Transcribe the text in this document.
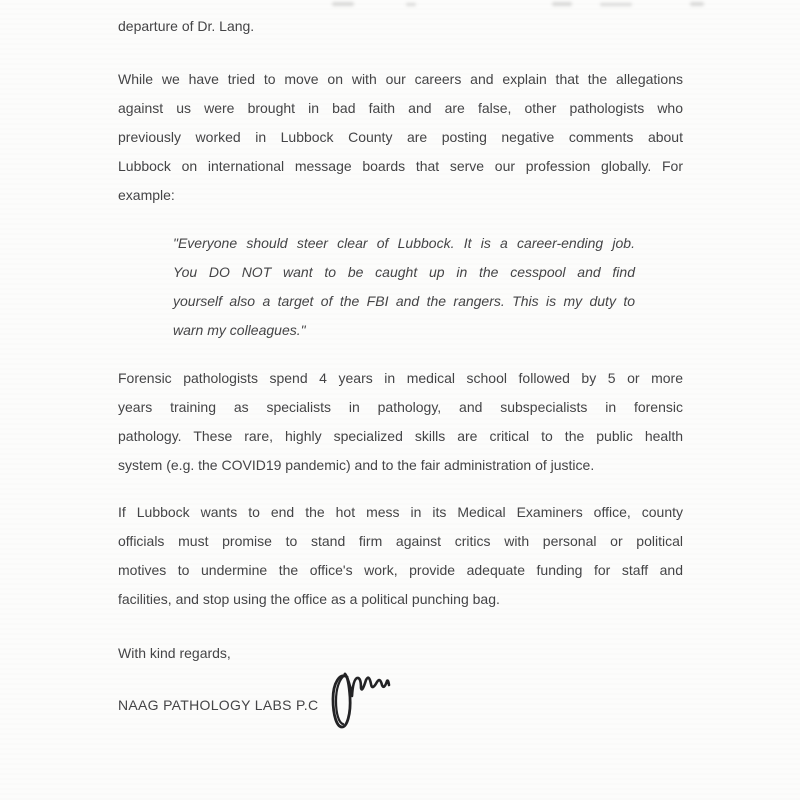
departure of Dr. Lang.
While we have tried to move on with our careers and explain that the allegations
against us were brought in bad faith and are false, other pathologists who
previously worked in Lubbock County are posting negative comments about
Lubbock on international message boards that serve our profession globally. For
example:
"Everyone should steer clear of Lubbock. It is a career-ending job.
You DO NOT want to be caught up in the cesspool and find
yourself also a target of the FBI and the rangers. This is my duty to
warn my colleagues."
Forensic pathologists spend 4 years in medical school followed by 5 or more
years training as specialists in pathology, and subspecialists in forensic
pathology. These rare, highly specialized skills are critical to the public health
system (e.g. the COVID19 pandemic) and to the fair administration of justice.
If Lubbock wants to end the hot mess in its Medical Examiners office, county
officials must promise to stand firm against critics with personal or political
motives to undermine the office's work, provide adequate funding for staff and
facilities, and stop using the office as a political punching bag.
With kind regards,
NAAG PATHOLOGY LABS P.C
